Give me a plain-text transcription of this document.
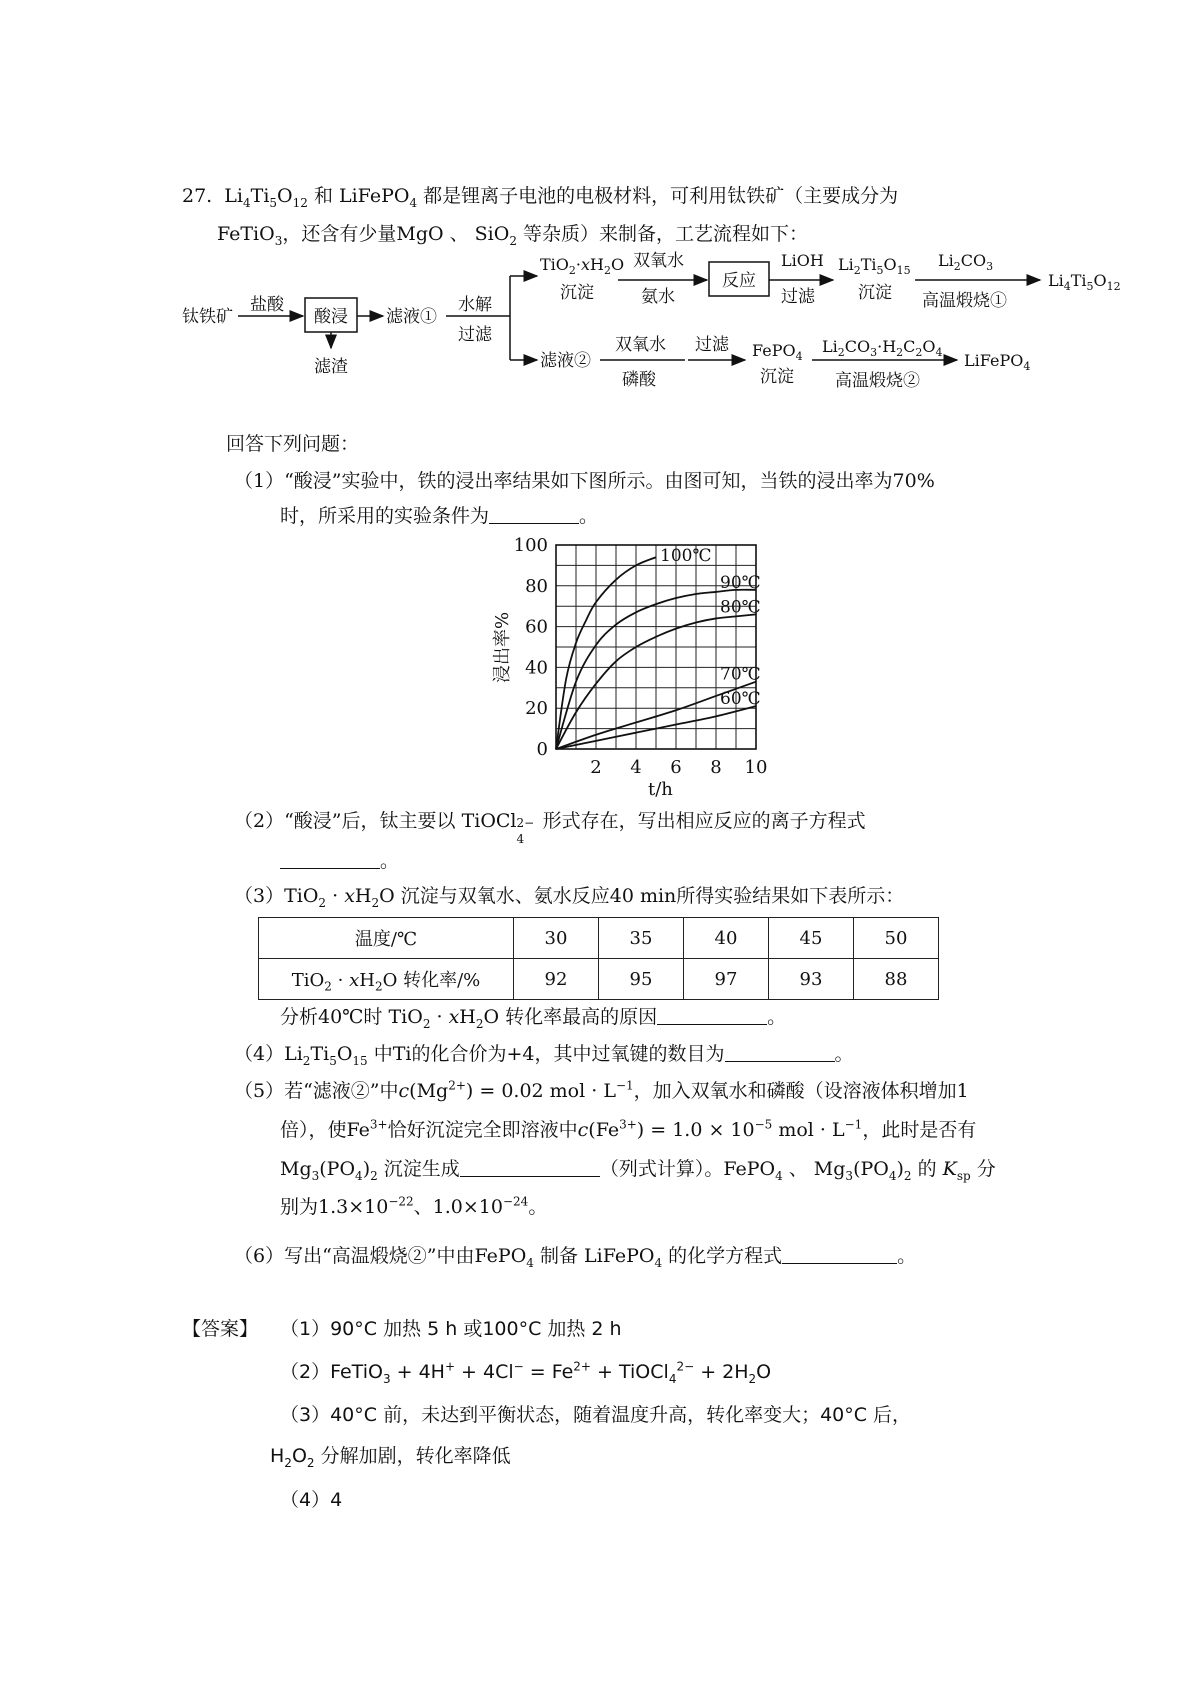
27.  $Li_4Ti_5O_{12}$ 和 LiFePO$_4$ 都是锂离子电池的电极材料，可利用钛铁矿（主要成分为
FeTiO$_3$，还含有少量MgO 、 SiO$_2$ 等杂质）来制备，工艺流程如下：
钛铁矿
盐酸
酸浸
滤渣
滤液①
水解
过滤
$TiO_2\cdot xH_2O$
沉淀
双氧水
氨水
反应
LiOH
过滤
$Li_2Ti_5O_{15}$
沉淀
$Li_2CO_3$
高温煅烧①
$Li_4Ti_5O_{12}$
滤液②
双氧水
磷酸
过滤 FePO$_4$
沉淀
$Li_2CO_3\cdot H_2C_2O_4$
高温煅烧②
LiFePO$_4$
回答下列问题：
（1）“酸浸”实验中，铁的浸出率结果如下图所示。由图可知，当铁的浸出率为70%
时，所采用的实验条件为	。
0
20
40
60
80
100
2 4 6 8 10
t/h
浸出率%
100℃
90℃
80℃
70℃
60℃
（2）“酸浸”后，钛主要以 TiOCl 2−
4
形式存在，写出相应反应的离子方程式
。
$(3)TiO_2 \cdot xH_2O$ 沉淀与双氧水、氨水反应40 min所得实验结果如下表所示：
温度/℃	30	35	40	45	50
$TiO_2 \cdot xH_2O$ 转化率/%	92	95	97	93	88
分析40℃时 $TiO_2 \cdot xH_2O$ 转化率最高的原因	。
$(4)Li_2Ti_5O_{15}$ 中Ti的化合价为+4，其中过氧键的数目为	。
（5）若“滤液②”中$c(Mg^{2+}) = 0.02$ mol · $L^{-1}$，加入双氧水和磷酸（设溶液体积增加1
倍），使$Fe^{3+}$恰好沉淀完全即溶液中$c(Fe^{3+}) = 1.0 \times 10^{-5}$ mol · $L^{-1}$，此时是否有
$Mg_3(PO_4)_2$ 沉淀生成	（列式计算）。FePO$_4$ 、 $Mg_3(PO_4)_2$ 的 $K_{sp}$ 分
别为$1.3\times 10^{-22}$、$1.0\times 10^{-24}$。
（6）写出“高温煅烧②”中由FePO$_4$ 制备 LiFePO$_4$ 的化学方程式	。
【答案】 （1）90°C 加热 5 h 或100°C 加热 2 h
（2）FeTiO$_3$ + $4H^+ + 4Cl^- = Fe^{2+}$ + TiOCl$_4^{2-}$ + $2H_2O$
（3）40°C 前，未达到平衡状态，随着温度升高，转化率变大；40°C 后，
$H_2O_2$ 分解加剧，转化率降低
（4）4
